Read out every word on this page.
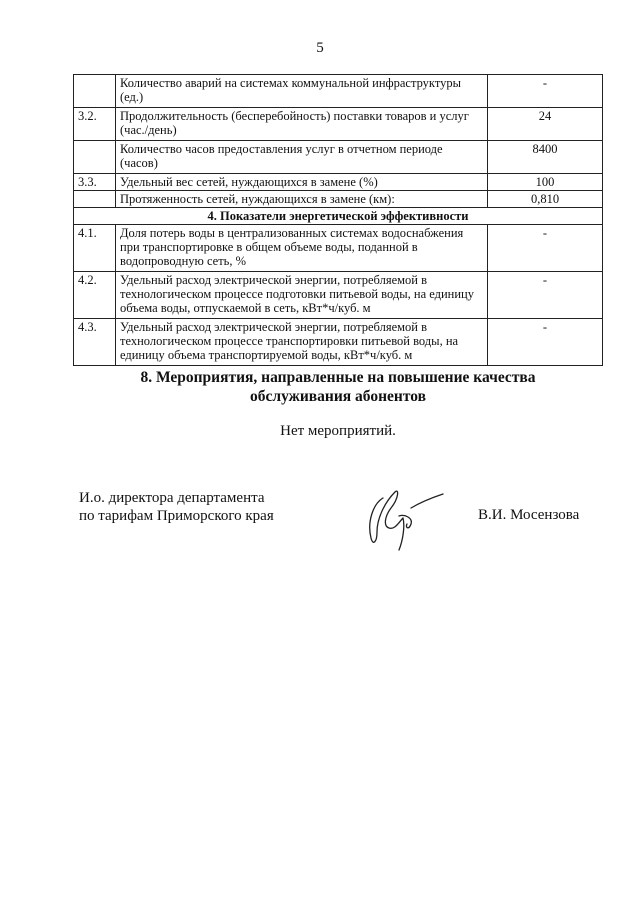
5
	Количество аварий на системах коммунальной инфраструктуры (ед.)	-
3.2.	Продолжительность (бесперебойность) поставки товаров и услуг (час./день)	24
	Количество часов предоставления услуг в отчетном периоде (часов)	8400
3.3.	Удельный вес сетей, нуждающихся в замене (%)	100
	Протяженность сетей, нуждающихся в замене (км):	0,810
4. Показатели энергетической эффективности		
4.1.	Доля потерь воды в централизованных системах водоснабжения при транспортировке в общем объеме воды, поданной в водопроводную сеть, %	-
4.2.	Удельный расход электрической энергии, потребляемой в технологическом процессе подготовки питьевой воды, на единицу объема воды, отпускаемой в сеть, кВт*ч/куб. м	-
4.3.	Удельный расход электрической энергии, потребляемой в технологическом процессе транспортировки питьевой воды, на единицу объема транспортируемой воды, кВт*ч/куб. м	-
8. Мероприятия, направленные на повышение качества
обслуживания абонентов
Нет мероприятий.
И.о. директора департамента
по тарифам Приморского края	В.И. Мосензова
